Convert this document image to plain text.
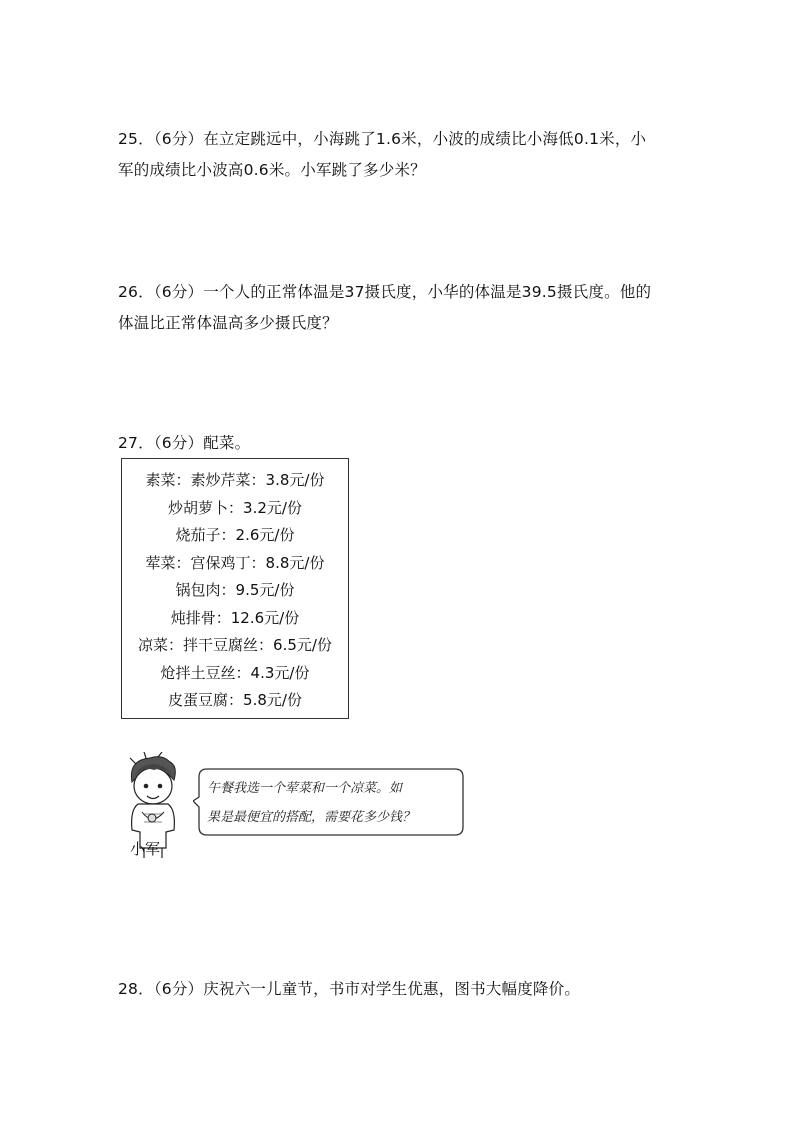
25．（6分）在立定跳远中，小海跳了1.6米，小波的成绩比小海低0.1米，小
军的成绩比小波高0.6米。小军跳了多少米？
26．（6分）一个人的正常体温是37摄氏度，小华的体温是39.5摄氏度。他的
体温比正常体温高多少摄氏度？
27．（6分）配菜。
素菜：素炒芹菜：3.8元/份
炒胡萝卜：3.2元/份
烧茄子：2.6元/份
荤菜：宫保鸡丁：8.8元/份
锅包肉：9.5元/份
炖排骨：12.6元/份
凉菜：拌干豆腐丝：6.5元/份
炝拌土豆丝：4.3元/份
皮蛋豆腐：5.8元/份
小军
午餐我选一个荤菜和一个凉菜。如
果是最便宜的搭配，需要花多少钱？
28．（6分）庆祝六一儿童节，书市对学生优惠，图书大幅度降价。
